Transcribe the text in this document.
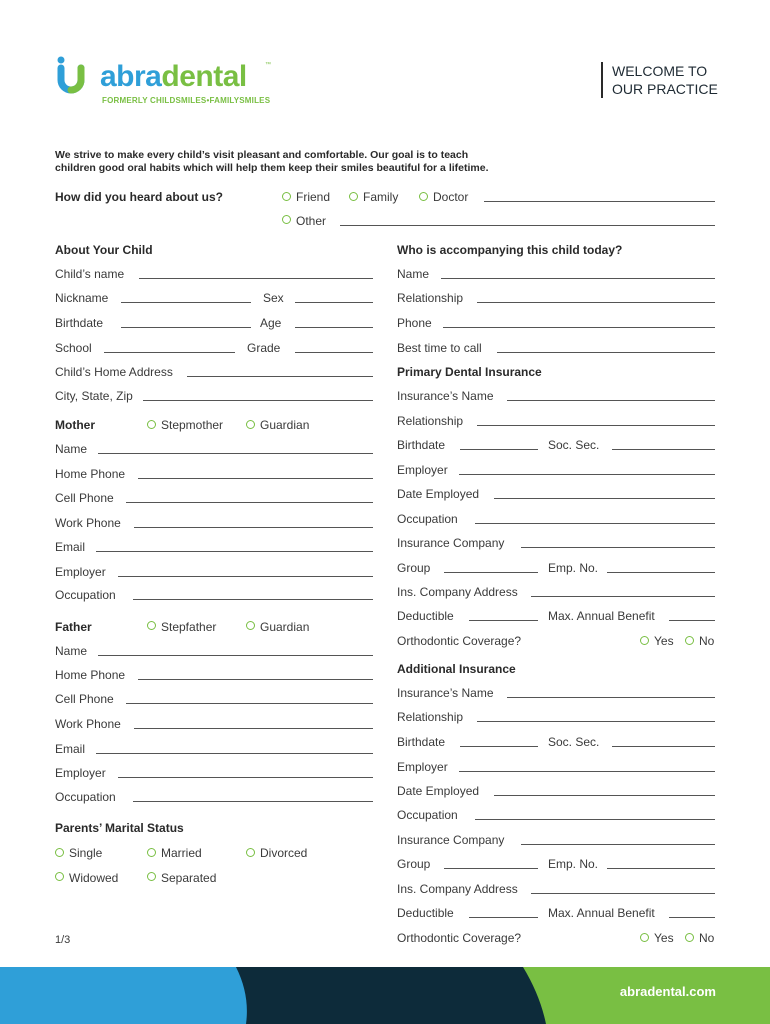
abradental	™
FORMERLY CHILDSMILES•FAMILYSMILES
WELCOME TO
OUR PRACTICE
We strive to make every child’s visit pleasant and comfortable. Our goal is to teach
children good oral habits which will help them keep their smiles beautiful for a lifetime.
How did you heard about us?	Friend	Family	Doctor
Other
About Your Child
Child’s name
Nickname	Sex
Birthdate	Age
School	Grade
Child’s Home Address
City, State, Zip
Mother	Stepmother	Guardian
Name
Home Phone
Cell Phone
Work Phone
Email
Employer
Occupation
Father	Stepfather	Guardian
Name
Home Phone
Cell Phone
Work Phone
Email
Employer
Occupation
Parents’ Marital Status
Single	Married	Divorced
Widowed	Separated
1/3
Who is accompanying this child today?
Name
Relationship
Phone
Best time to call
Primary Dental Insurance
Insurance’s Name
Relationship
Birthdate	Soc. Sec.
Employer
Date Employed
Occupation
Insurance Company
Group	Emp. No.
Ins. Company Address
Deductible	Max. Annual Benefit
Orthodontic Coverage?	Yes No
Additional Insurance
Insurance’s Name
Relationship
Birthdate	Soc. Sec.
Employer
Date Employed
Occupation
Insurance Company
Group	Emp. No.
Ins. Company Address
Deductible	Max. Annual Benefit
Orthodontic Coverage?	Yes No
abradental.com
